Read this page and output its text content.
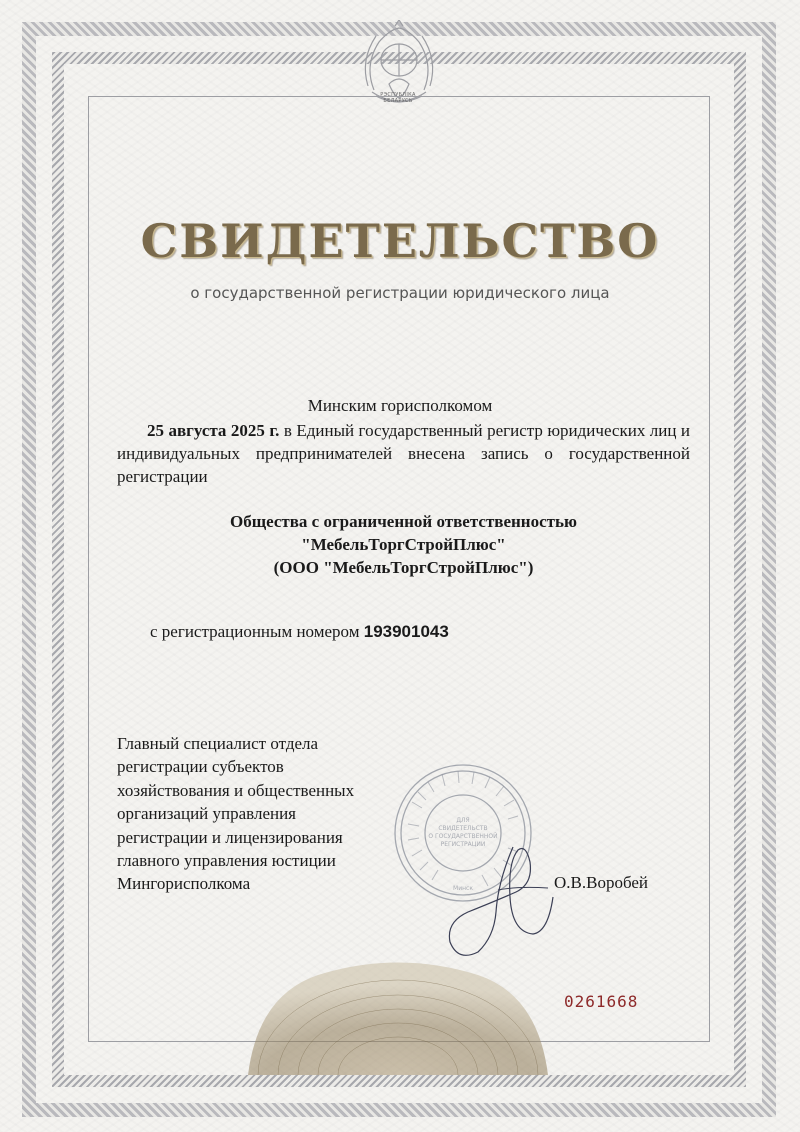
РЭСПУБЛІКА
БЕЛАРУСЬ
СВИДЕТЕЛЬСТВО
о государственной регистрации юридического лица
Минским горисполкомом
25 августа 2025 г. в Единый государственный регистр юридических лиц и индивидуальных предпринимателей внесена запись о государственной регистрации
Общества с ограниченной ответственностью
"МебельТоргСтройПлюс"
(ООО "МебельТоргСтройПлюс")
с регистрационным номером 193901043
Главный специалист отдела
регистрации субъектов
хозяйствования и общественных
организаций управления
регистрации и лицензирования
главного управления юстиции
Мингорисполкома
ДЛЯ
СВИДЕТЕЛЬСТВ
О ГОСУДАРСТВЕННОЙ
РЕГИСТРАЦИИ
Минск	О.В.Воробей
0261668
